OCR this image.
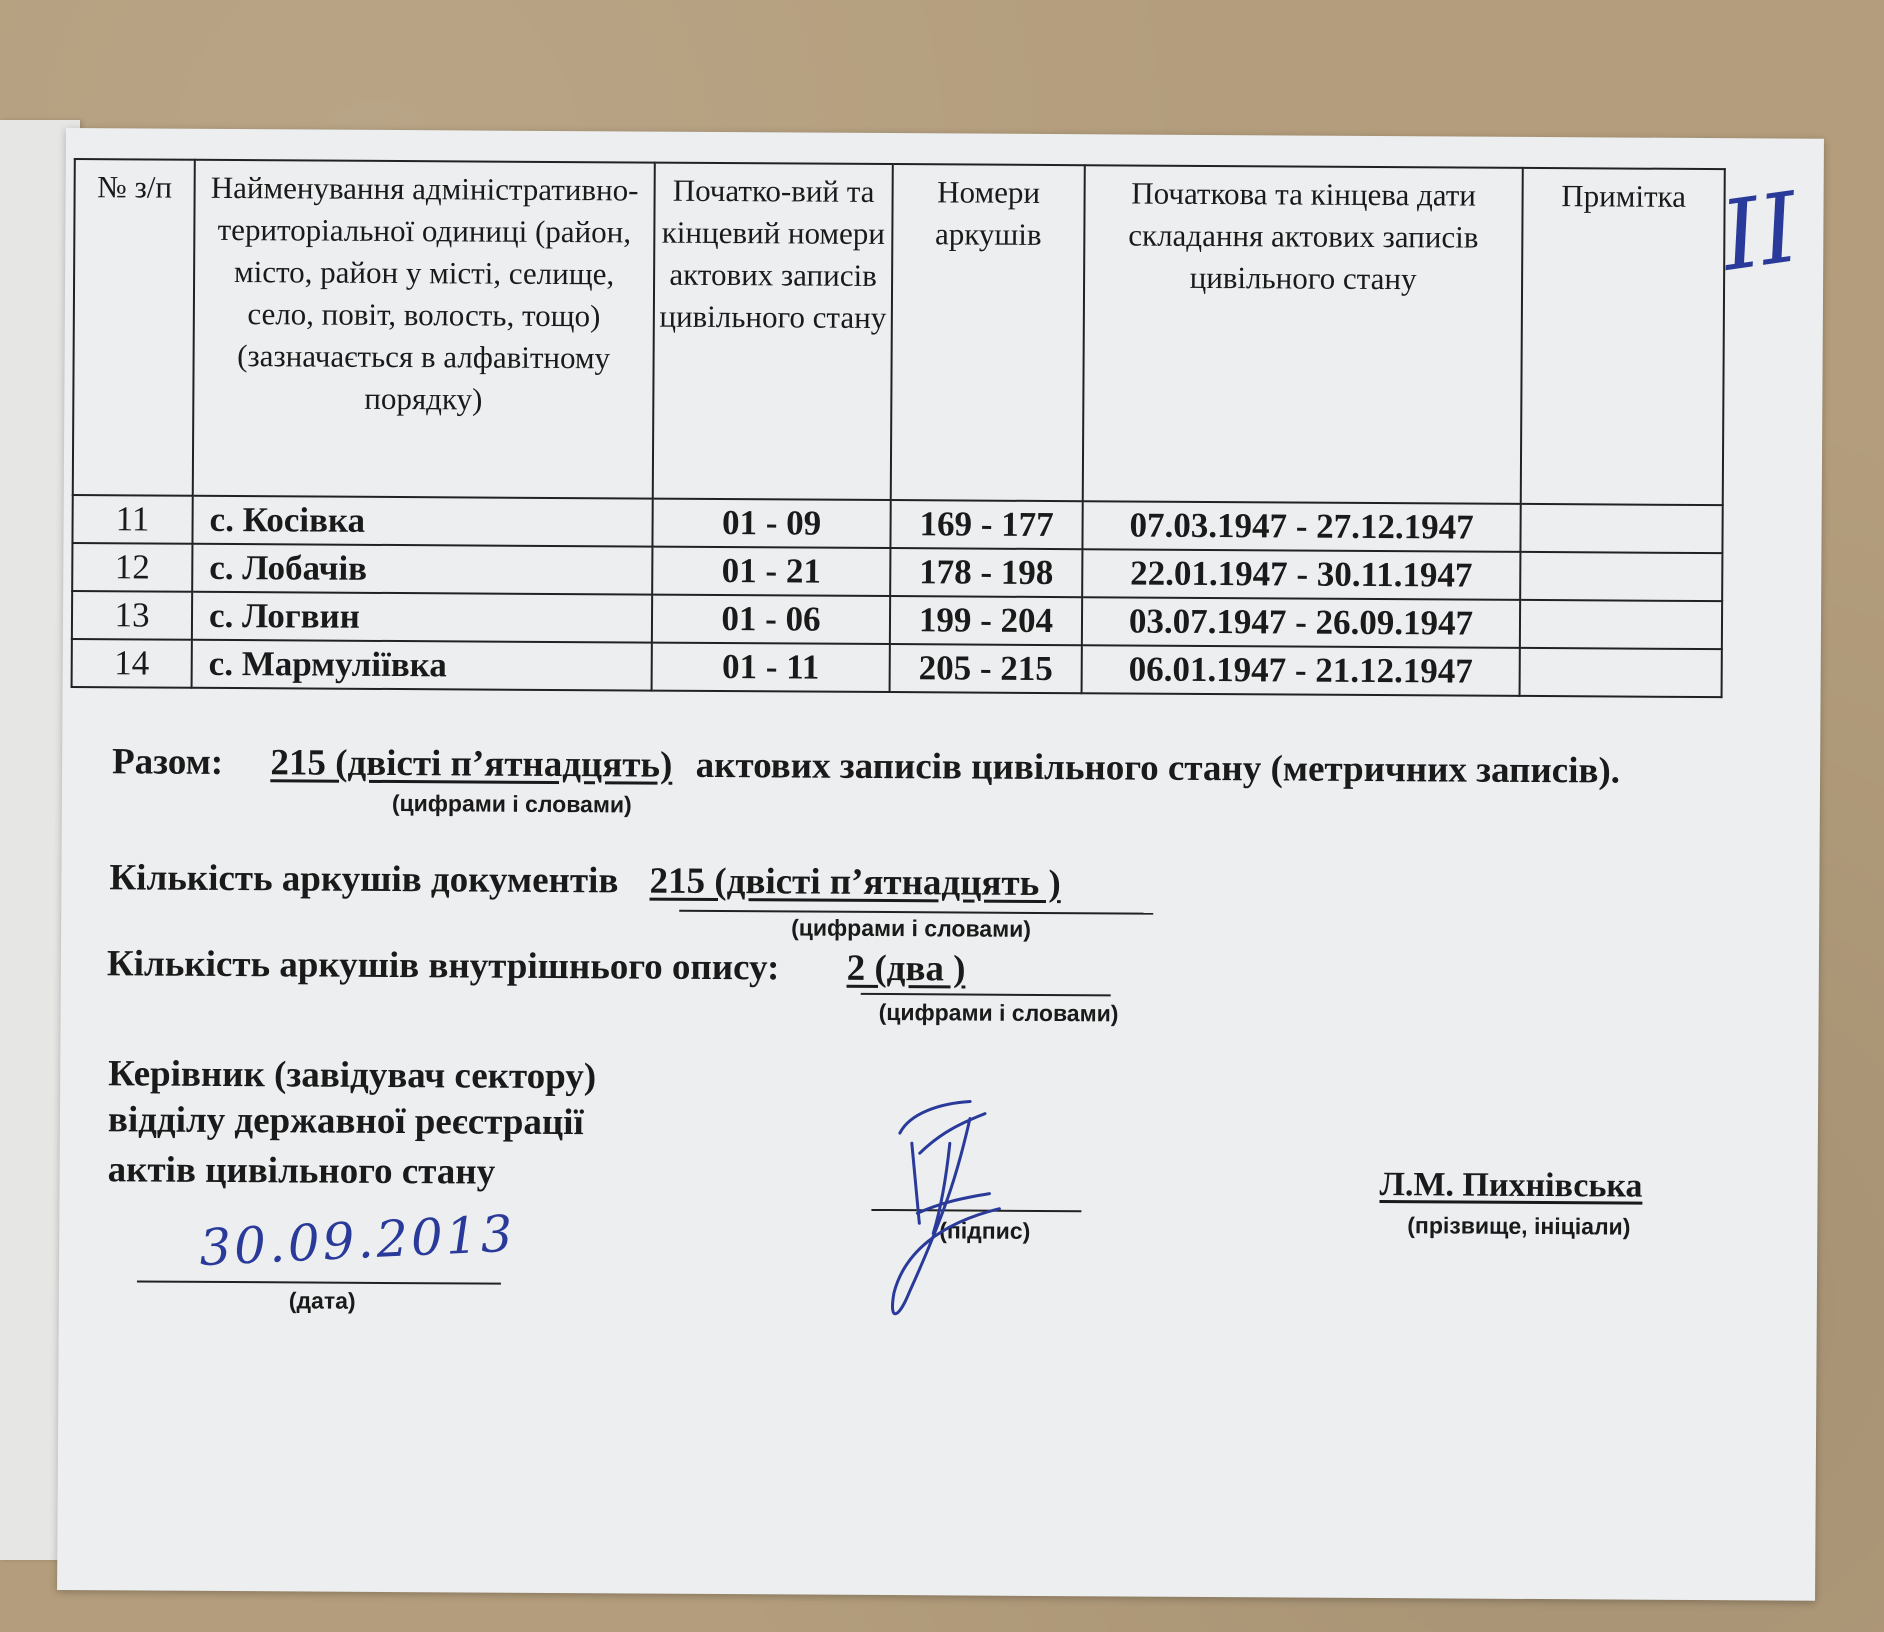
№ з/п	Найменування адміністративно-територіальної одиниці (район, місто, район у місті, селище, село, повіт, волость, тощо) (зазначається в алфавітному порядку)	Початко-вий та кінцевий номери актових записів цивільного стану	Номери аркушів	Початкова та кінцева дати складання актових записів цивільного стану	Примітка
11	с. Косівка	01 - 09	169 - 177	07.03.1947 - 27.12.1947	
12	с. Лобачів	01 - 21	178 - 198	22.01.1947 - 30.11.1947	
13	с. Логвин	01 - 06	199 - 204	03.07.1947 - 26.09.1947	
14	с. Мармуліївка	01 - 11	205 - 215	06.01.1947 - 21.12.1947	
Разом: 215 (двісті п’ятнадцять) актових записів цивільного стану (метричних записів).
(цифрами і словами)
Кількість аркушів документів 215 (двісті п’ятнадцять )
(цифрами і словами)
Кількість аркушів внутрішнього опису: 2 (два )
(цифрами і словами)
Керівник (завідувач сектору)
відділу державної реєстрації
актів цивільного стану
30.09.2013
(дата)
(підпис)
Л.М. Пихнівська
(прізвище, ініціали)
II
